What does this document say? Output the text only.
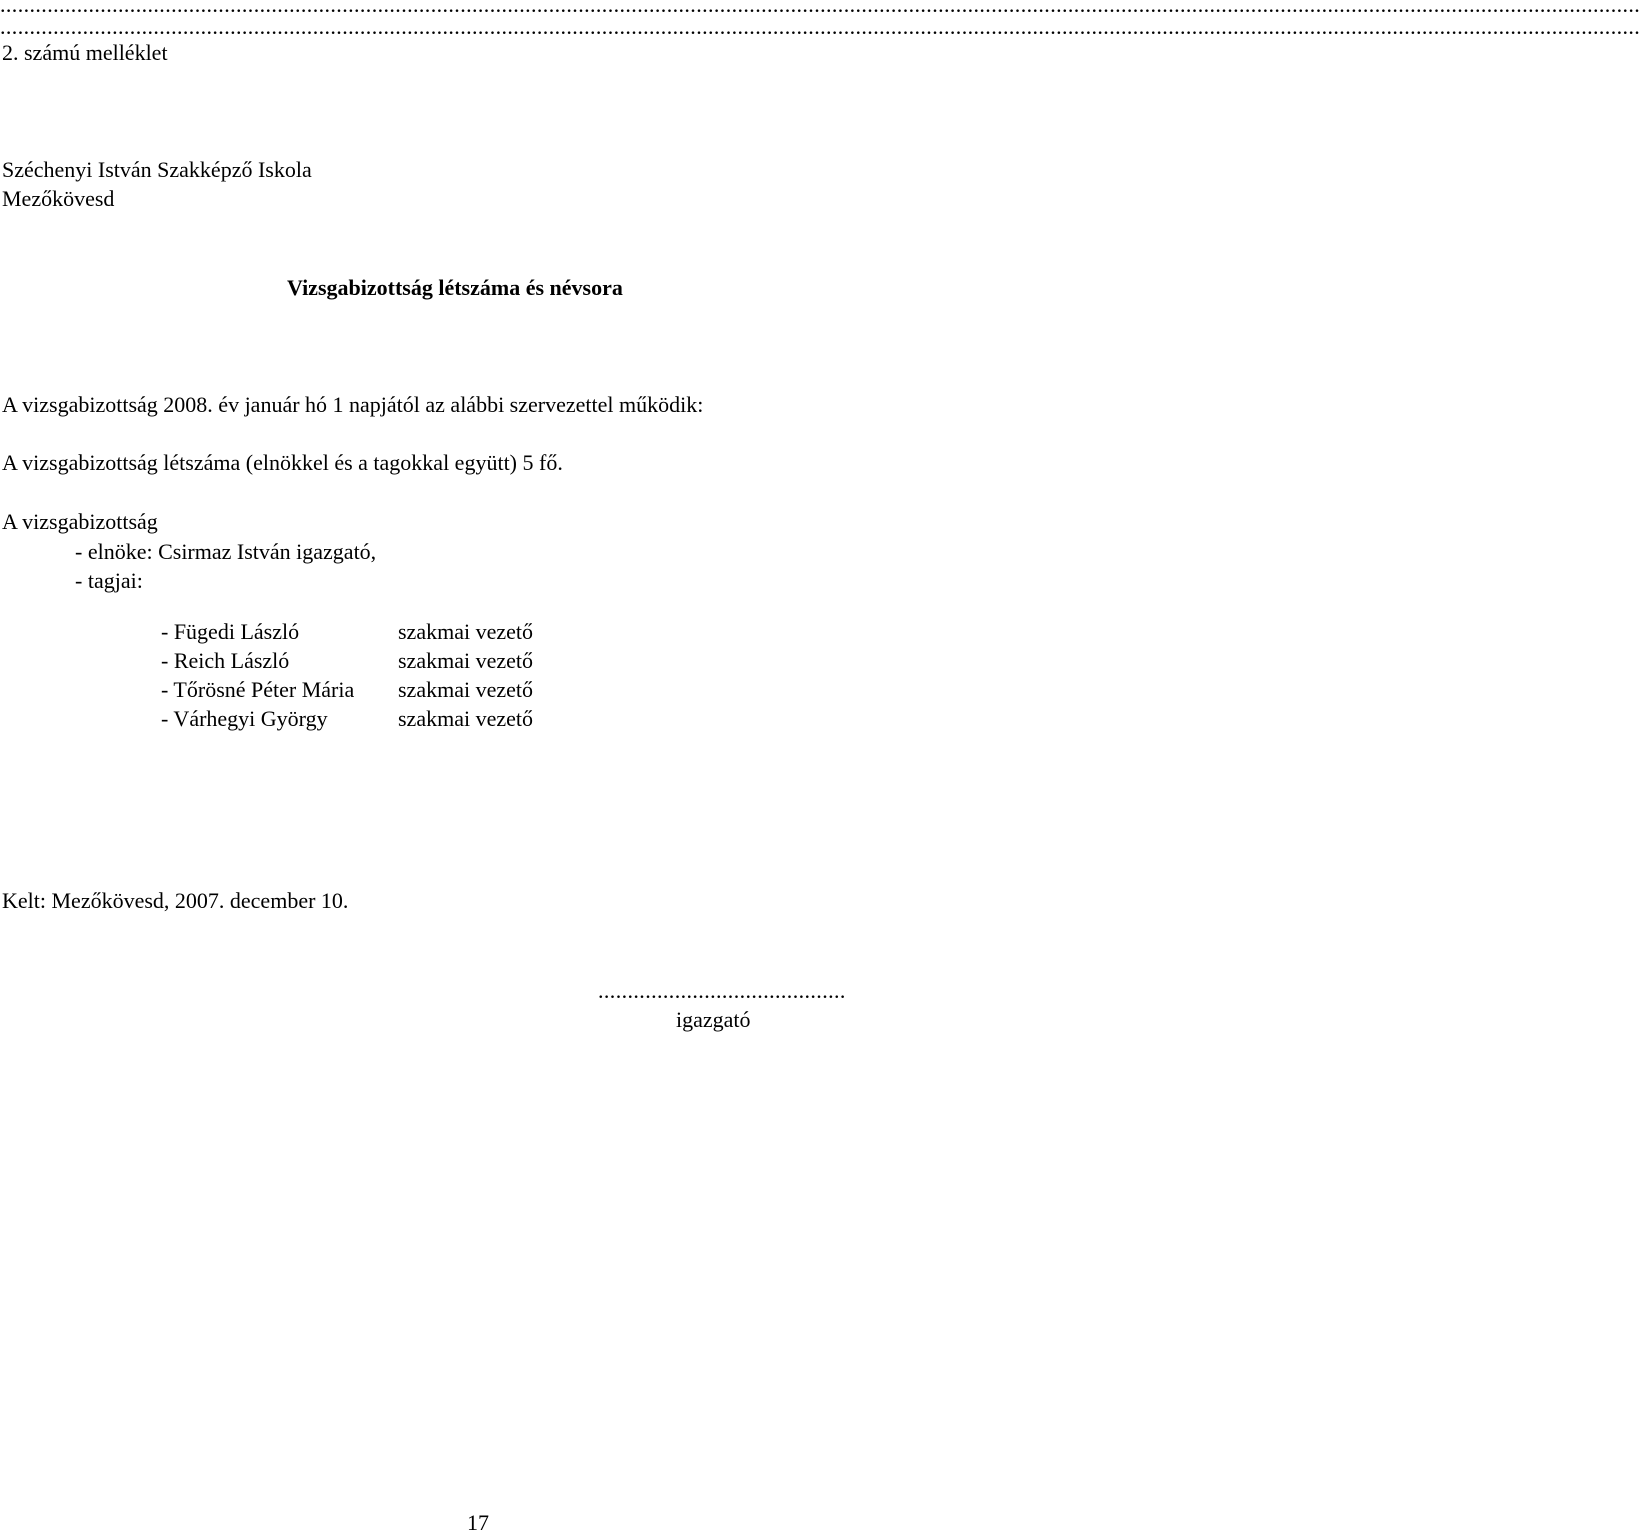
......................................................................................................................................................................................................................................................................................
......................................................................................................................................................................................................................................................................................
2. számú melléklet
Széchenyi István Szakképző Iskola
Mezőkövesd
Vizsgabizottság létszáma és névsora
A vizsgabizottság 2008. év január hó 1 napjától az alábbi szervezettel működik:
A vizsgabizottság létszáma (elnökkel és a tagokkal együtt) 5 fő.
A vizsgabizottság
- elnöke: Csirmaz István igazgató,
- tagjai:

- Fügedi László	szakmai vezető

- Reich László	szakmai vezető

- Tőrösné Péter Mária szakmai vezető

- Várhegyi György	szakmai vezető

Kelt: Mezőkövesd, 2007. december 10.
..........................................
igazgató
17
